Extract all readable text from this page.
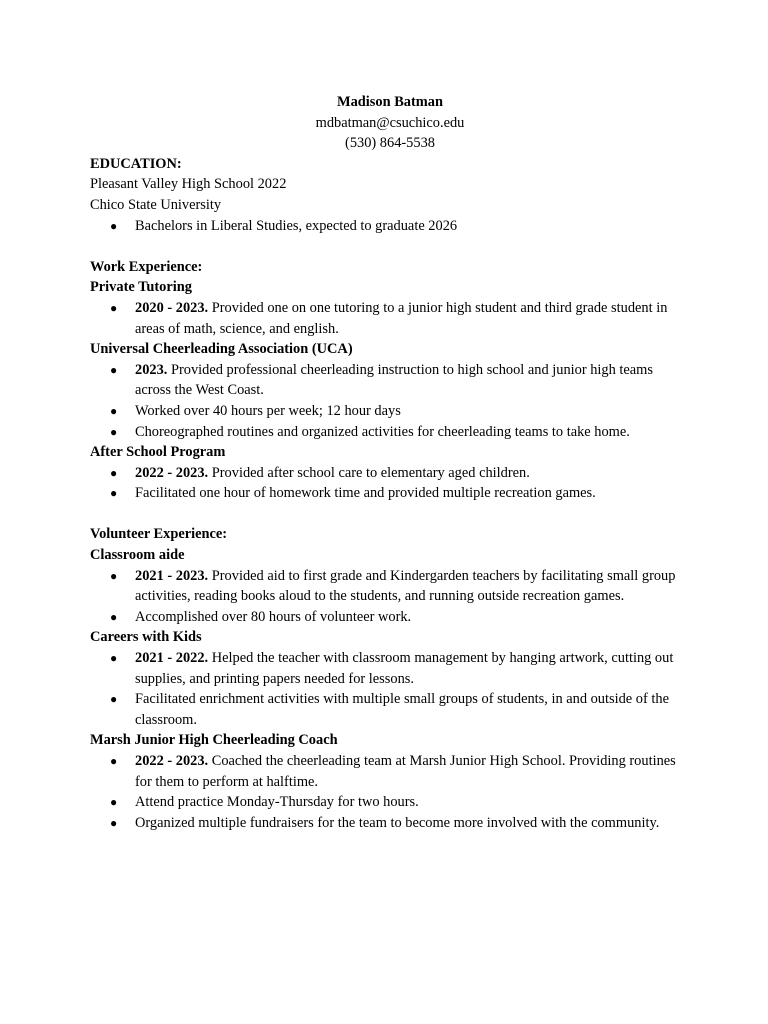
Madison Batman

mdbatman@csuchico.edu

(530) 864-5538

EDUCATION:

Pleasant Valley High School 2022

Chico State University

● Bachelors in Liberal Studies, expected to graduate 2026

Work Experience:

Private Tutoring

● 2020 - 2023. Provided one on one tutoring to a junior high student and third grade student in areas of math, science, and english.

Universal Cheerleading Association (UCA)

● 2023. Provided professional cheerleading instruction to high school and junior high teams across the West Coast.
● Worked over 40 hours per week; 12 hour days
● Choreographed routines and organized activities for cheerleading teams to take home.

After School Program

● 2022 - 2023. Provided after school care to elementary aged children.
● Facilitated one hour of homework time and provided multiple recreation games.

Volunteer Experience:

Classroom aide

● 2021 - 2023. Provided aid to first grade and Kindergarden teachers by facilitating small group activities, reading books aloud to the students, and running outside recreation games.
● Accomplished over 80 hours of volunteer work.

Careers with Kids

● 2021 - 2022. Helped the teacher with classroom management by hanging artwork, cutting out supplies, and printing papers needed for lessons.
● Facilitated enrichment activities with multiple small groups of students, in and outside of the classroom.

Marsh Junior High Cheerleading Coach

● 2022 - 2023. Coached the cheerleading team at Marsh Junior High School. Providing routines for them to perform at halftime.
● Attend practice Monday-Thursday for two hours.
● Organized multiple fundraisers for the team to become more involved with the community.
